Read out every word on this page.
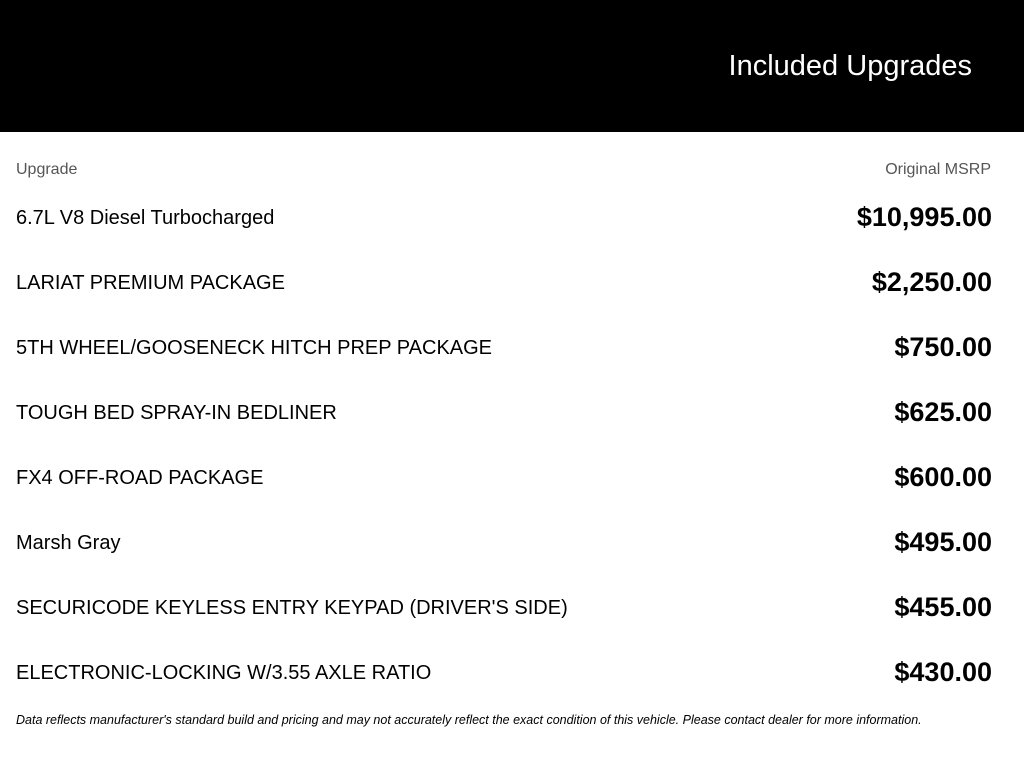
Included Upgrades
Upgrade	Original MSRP
6.7L V8 Diesel Turbocharged	$10,995.00
LARIAT PREMIUM PACKAGE	$2,250.00
5TH WHEEL/GOOSENECK HITCH PREP PACKAGE	$750.00
TOUGH BED SPRAY-IN BEDLINER	$625.00
FX4 OFF-ROAD PACKAGE	$600.00
Marsh Gray	$495.00
SECURICODE KEYLESS ENTRY KEYPAD (DRIVER'S SIDE)	$455.00
ELECTRONIC-LOCKING W/3.55 AXLE RATIO	$430.00
Data reflects manufacturer's standard build and pricing and may not accurately reflect the exact condition of this vehicle. Please contact dealer for more information.
